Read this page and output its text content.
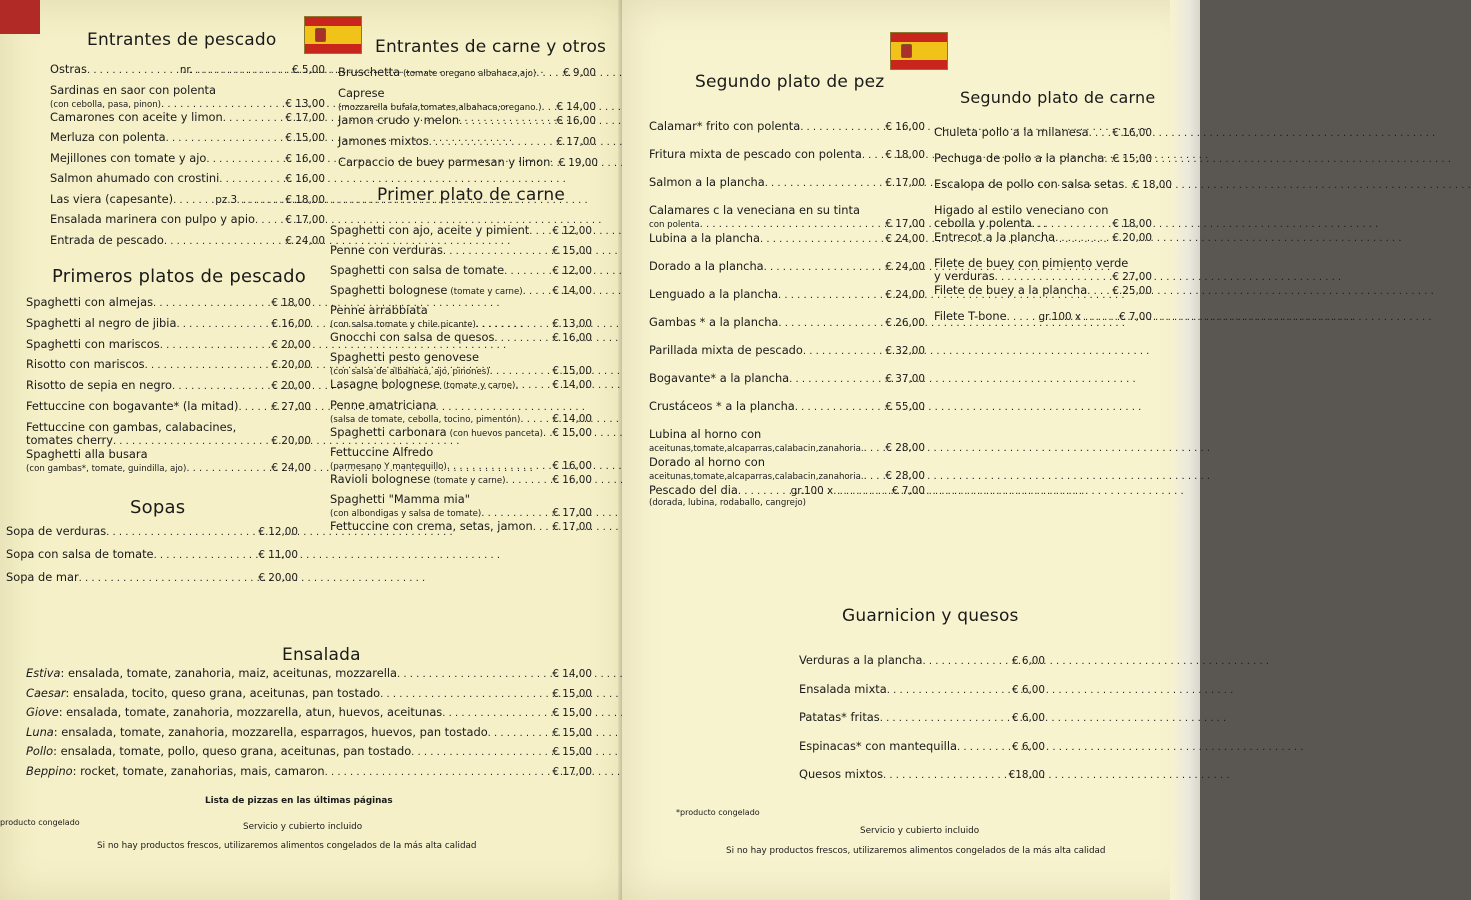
Entrantes de pescado
Ostras . . .	nr. . . .	€ 5,00
Sardinas en saor con polenta
(con cebolla, pasa, pinon) . . .	€ 13,00
Camarones con aceite y limon . . .	€ 17,00
Merluza con polenta . . .	€ 15,00
Mejillones con tomate y ajo . . .	€ 16,00
Salmon ahumado con crostini . . .	€ 16,00
Las viera (capesante) . . .	pz.3 . . .	€ 18,00
Ensalada marinera con pulpo y apio . . .	€ 17,00
Entrada de pescado . . .	€ 24,00
Primeros platos de pescado
Spaghetti con almejas . . .	€ 18,00
Spaghetti al negro de jibia . . .	€ 16,00
Spaghetti con mariscos . . .	€ 20,00
Risotto con mariscos . . .	€ 20,00
Risotto de sepia en negro . . .	€ 20,00
Fettuccine con bogavante* (la mitad) . . .	€ 27,00
Fettuccine con gambas, calabacines,
tomates cherry . . .	€ 20,00
Spaghetti alla busara
(con gambas*, tomate, guindilla, ajo) . . .	€ 24,00
Sopas
Sopa de verduras . . .	€ 12,00
Sopa con salsa de tomate . . .	€ 11,00
Sopa de mar . . .	€ 20,00
Entrantes de carne y otros
Bruschetta (tomate oregano albahaca,ajo) . . .	€ 9,00
Caprese
(mozzarella bufala,tomates,albahaca,oregano.) . . . € 14,00
Jamon crudo y melon . . .	€ 16,00
Jamones mixtos . . .	€ 17,00
Carpaccio de buey parmesan y limon . . . € 19,00
Primer plato de carne
Spaghetti con ajo, aceite y pimient . . . € 12,00
Penne con verduras . . .	€ 15,00
Spaghetti con salsa de tomate . . .	€ 12,00
Spaghetti bolognese (tomate y carne) . . .	€ 14,00
Penne arrabbiata
(con salsa tomate y chile picante) . . .	€ 13,00
Gnocchi con salsa de quesos . . .	€ 16,00
Spaghetti pesto genovese
(con salsa de albahaca, ajo, pinones) . . .	€ 15,00
Lasagne bolognese (tomate y carne) . . .	€ 14,00
Penne amatriciana
(salsa de tomate, cebolla, tocino, pimentón) . . .	€ 14,00
Spaghetti carbonara (con huevos panceta) . . . € 15,00
Fettuccine Alfredo
(parmesano Y mantequillo) . . .	€ 16,00
Ravioli bolognese (tomate y carne) . . .	€ 16,00
Spaghetti "Mamma mia"
(con albondigas y salsa de tomate) . . .	€ 17,00
Fettuccine con crema, setas, jamon . . . € 17,00
Ensalada
Estiva : ensalada, tomate, zanahoria, maiz, aceitunas, mozzarella . . .	€ 14,00
Caesar : ensalada, tocito, queso grana, aceitunas, pan tostado . . .	€ 15,00
Giove : ensalada, tomate, zanahoria, mozzarella, atun, huevos, aceitunas . . .	€ 15,00
Luna : ensalada, tomate, zanahoria, mozzarella, esparragos, huevos, pan tostado . . .	€ 15,00
Pollo : ensalada, tomate, pollo, queso grana, aceitunas, pan tostado . . .	€ 15,00
Beppino : rocket, tomate, zanahorias, mais, camaron . . .	€ 17,00
Lista de pizzas en las últimas páginas
producto congelado	Servicio y cubierto incluido
Si no hay productos frescos, utilizaremos alimentos congelados de la más alta calidad
Segundo plato de pez
Calamar* frito con polenta . . .	€ 16,00
Fritura mixta de pescado con polenta . . . € 18,00
Salmon a la plancha . . .	€ 17,00
Calamares c la veneciana en su tinta
con polenta . . .	€ 17,00
Lubina a la plancha . . .	€ 24,00
Dorado a la plancha . . .	€ 24,00
Lenguado a la plancha . . .	€ 24,00
Gambas * a la plancha . . .	€ 26,00
Parillada mixta de pescado . . .	€ 32,00
Bogavante* a la plancha . . .	€ 37,00
Crustáceos * a la plancha . . .	€ 55,00
Lubina al horno con
aceitunas,tomate,alcaparras,calabacin,zanahoria. . . . € 28,00
Dorado al horno con
aceitunas,tomate,alcaparras,calabacin,zanahoria. . . . € 28,00
Pescado del dia . . .	gr.100 x . . .	€ 7,00
(dorada, lubina, rodaballo, cangrejo)
Segundo plato de carne
Chuleta pollo a la milanesa . . . € 16,00
Pechuga de pollo a la plancha . . . € 15,00
Escalopa de pollo con salsa setas . . . € 18,00
Higado al estilo veneciano con
cebolla y polenta . . .	€ 18,00
Entrecot a la plancha . . .	€ 20,00
Filete de buey con pimiento verde
y verduras . . .	€ 27,00
Filete de buey a la plancha . . . € 25,00
Filete T-bone . . .	gr.100 x . . .	€ 7,00
Guarnicion y quesos
Verduras a la plancha . . .	€ 6,00
Ensalada mixta . . .	€ 6,00
Patatas* fritas . . .	€ 6,00
Espinacas* con mantequilla . . .	€ 6,00
Quesos mixtos . . .	€18,00
*producto congelado
Servicio y cubierto incluido
Si no hay productos frescos, utilizaremos alimentos congelados de la más alta calidad
